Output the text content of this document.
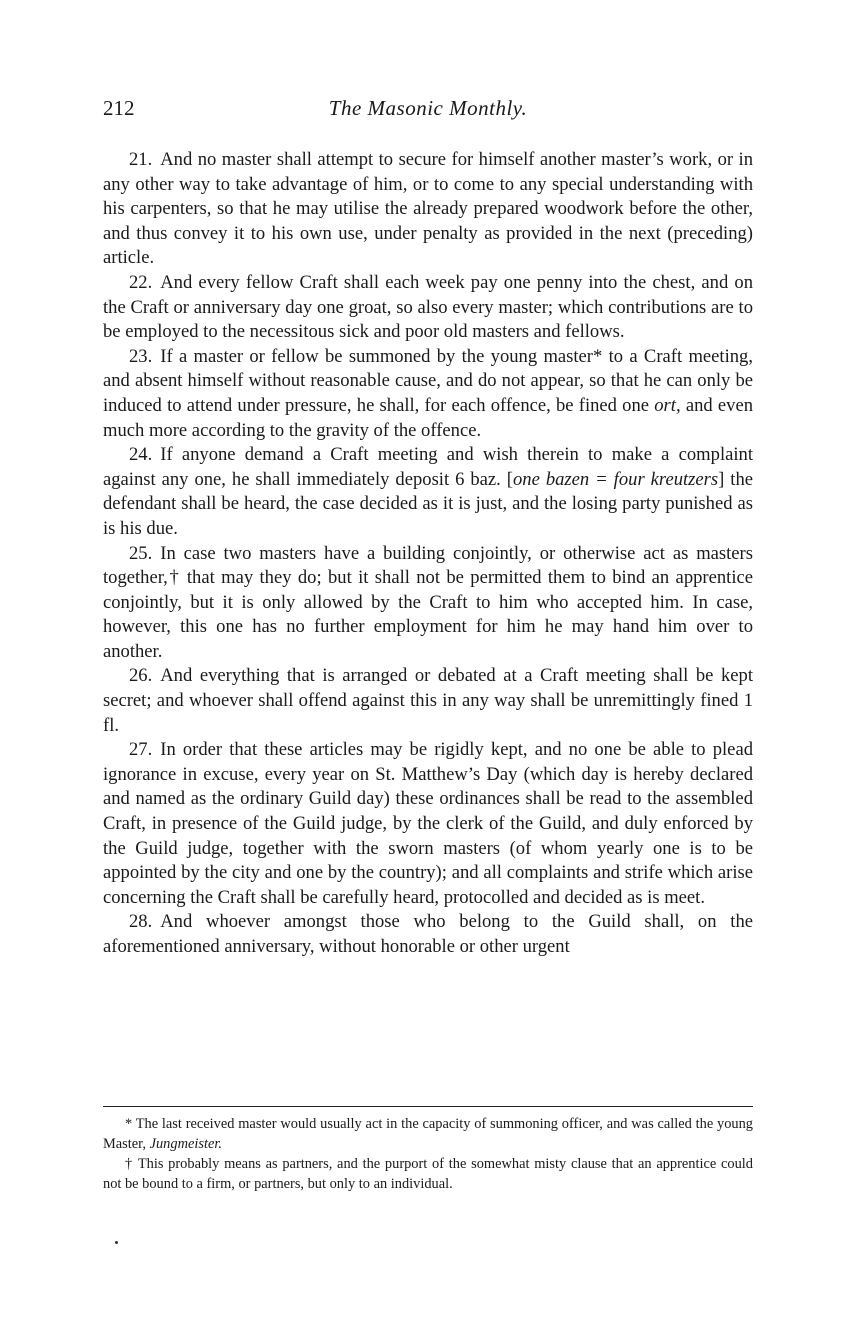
212	The Masonic Monthly.

21. And no master shall attempt to secure for himself another master’s work, or in any other way to take advantage of him, or to come to any special understanding with his carpenters, so that he may utilise the already prepared woodwork before the other, and thus convey it to his own use, under penalty as provided in the next (preceding) article.

22. And every fellow Craft shall each week pay one penny into the chest, and on the Craft or anniversary day one groat, so also every master; which contributions are to be employed to the necessitous sick and poor old masters and fellows.

23. If a master or fellow be summoned by the young master* to a Craft meeting, and absent himself without reasonable cause, and do not appear, so that he can only be induced to attend under pressure, he shall, for each offence, be fined one ort, and even much more according to the gravity of the offence.

24. If anyone demand a Craft meeting and wish therein to make a complaint against any one, he shall immediately deposit 6 baz. [one bazen = four kreutzers] the defendant shall be heard, the case decided as it is just, and the losing party punished as is his due.

25. In case two masters have a building conjointly, or otherwise act as masters together,† that may they do; but it shall not be permitted them to bind an apprentice conjointly, but it is only allowed by the Craft to him who accepted him. In case, however, this one has no further employment for him he may hand him over to another.

26. And everything that is arranged or debated at a Craft meeting shall be kept secret; and whoever shall offend against this in any way shall be unremittingly fined 1 fl.

27. In order that these articles may be rigidly kept, and no one be able to plead ignorance in excuse, every year on St. Matthew’s Day (which day is hereby declared and named as the ordinary Guild day) these ordinances shall be read to the assembled Craft, in presence of the Guild judge, by the clerk of the Guild, and duly enforced by the Guild judge, together with the sworn masters (of whom yearly one is to be appointed by the city and one by the country); and all complaints and strife which arise concerning the Craft shall be carefully heard, protocolled and decided as is meet.

28. And whoever amongst those who belong to the Guild shall, on the aforementioned anniversary, without honorable or other urgent

* The last received master would usually act in the capacity of summoning officer, and was called the young Master, Jungmeister.

† This probably means as partners, and the purport of the somewhat misty clause that an apprentice could not be bound to a firm, or partners, but only to an individual.
